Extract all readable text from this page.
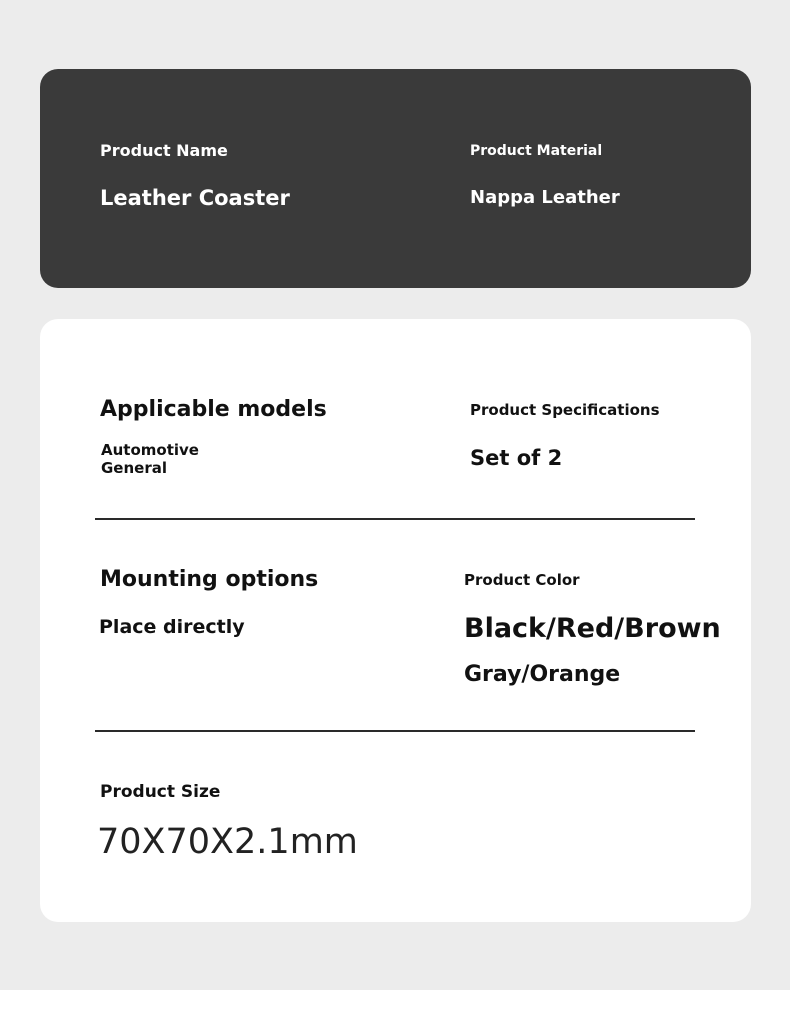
Product Name
Leather Coaster
Product Material
Nappa Leather
Applicable models
Automotive
General
Product Specifications
Set of 2
Mounting options
Place directly
Product Color
Black/Red/Brown
Gray/Orange
Product Size
70X70X2.1mm
